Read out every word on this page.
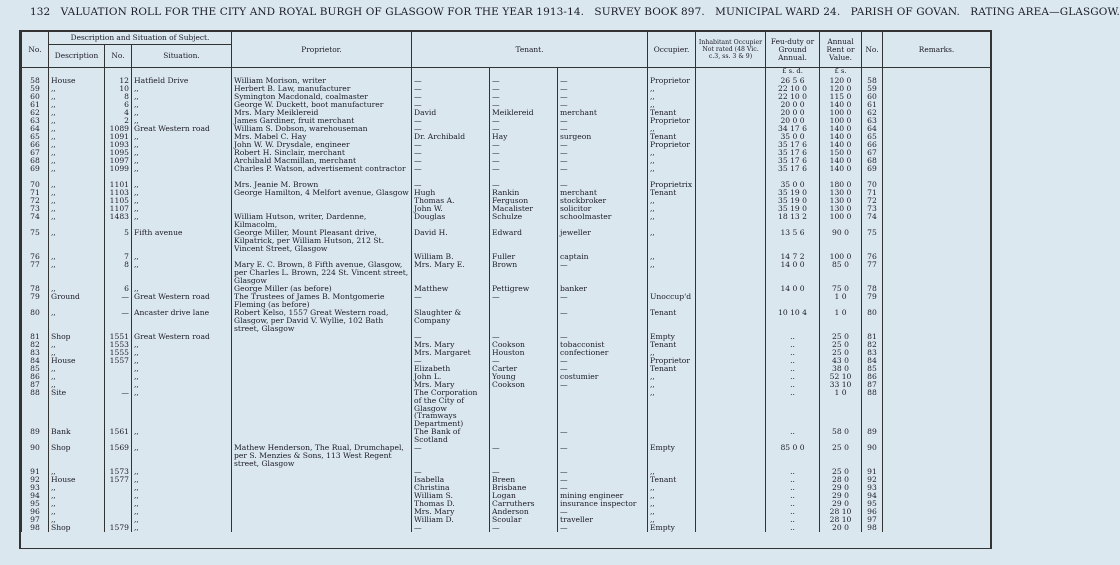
132 VALUATION ROLL FOR THE CITY AND ROYAL BURGH OF GLASGOW FOR THE YEAR 1913-14. SURVEY BOOK 897. MUNICIPAL WARD 24. PARISH OF GOVAN. RATING AREA—GLASGOW.
No.	Description and Situation of Subject.			Proprietor.	Tenant.			Occupier.	Inhabitant Occupier Not rated (48 Vic. c.3, ss. 3 & 9)	Feu-duty or Ground Annual.	Annual Rent or Value.	No.	Remarks.
	Description	No.	Situation.										
										£ s. d.	£ s.		
58	House	12	Hatfield Drive	William Morison, writer	—	—	—	Proprietor		26 5 6	120 0	58	
59	,,	10	,,	Herbert B. Law, manufacturer	—	—	—	,,		22 10 0	120 0	59	
60	,,	8	,,	Symington Macdonald, coalmaster	—	—	—	,,		22 10 0	115 0	60	
61	,,	6	,,	George W. Duckett, boot manufacturer	—	—	—	,,		20 0 0	140 0	61	
62	,,	4	,,	Mrs. Mary Meiklereid	David	Meiklereid	merchant	Tenant		20 0 0	100 0	62	
63	,,	2	,,	James Gardiner, fruit merchant	—	—	—	Proprietor		20 0 0	100 0	63	
64	,,	1089	Great Western road	William S. Dobson, warehouseman	—	—	—	,,		34 17 6	140 0	64	
65	,,	1091	,,	Mrs. Mabel C. Hay	Dr. Archibald	Hay	surgeon	Tenant		35 0 0	140 0	65	
66	,,	1093	,,	John W. W. Drysdale, engineer	—	—	—	Proprietor		35 17 6	140 0	66	
67	,,	1095	,,	Robert H. Sinclair, merchant	—	—	—	,,		35 17 6	150 0	67	
68	,,	1097	,,	Archibald Macmillan, merchant	—	—	—	,,		35 17 6	140 0	68	
69	,,	1099	,,	Charles P. Watson, advertisement contractor	—	—	—	,,		35 17 6	140 0	69	
70	,,	1101	,,	Mrs. Jeanie M. Brown	—	—	—	Proprietrix		35 0 0	180 0	70	
71	,,	1103	,,	George Hamilton, 4 Melfort avenue, Glasgow	Hugh	Rankin	merchant	Tenant		35 19 0	130 0	71	
72	,,	1105	,,		Thomas A.	Ferguson	stockbroker	,,		35 19 0	130 0	72	
73	,,	1107	,,		John W.	Macalister	solicitor	,,		35 19 0	130 0	73	
74	,,	1483	,,	William Hutson, writer, Dardenne, Kilmacolm,	Douglas	Schulze	schoolmaster	,,		18 13 2	100 0	74	
75	,,	5	Fifth avenue	George Miller, Mount Pleasant drive, Kilpatrick, per William Hutson, 212 St. Vincent Street, Glasgow	David H.	Edward	jeweller	,,		13 5 6	90 0	75	
76	,,	7	,,		William B.	Fuller	captain	,,		14 7 2	100 0	76	
77	,,	8	,,	Mary E. C. Brown, 8 Fifth avenue, Glasgow, per Charles L. Brown, 224 St. Vincent street, Glasgow	Mrs. Mary E.	Brown	—	,,		14 0 0	85 0	77	
78	,,	6	,,	George Miller (as before)	Matthew	Pettigrew	banker			14 0 0	75 0	78	
79	Ground	—	Great Western road	The Trustees of James B. Montgomerie Fleming (as before)	—	—	—	Unoccup'd			1 0	79	
80	,,	—	Ancaster drive lane	Robert Kelso, 1557 Great Western road, Glasgow, per David V. Wyllie, 102 Bath street, Glasgow	Slaughter & Company		—	Tenant		10 10 4	1 0	80	
81	Shop	1551	Great Western road		—	—	—	Empty		..	25 0	81	
82	,,	1553	,,		Mrs. Mary	Cookson	tobacconist	Tenant		..	25 0	82	
83	,,	1555	,,		Mrs. Margaret	Houston	confectioner	,,		..	25 0	83	
84	House	1557	,,		—	—	—	Proprietor		..	43 0	84	
85	,,		,,		Elizabeth	Carter	—	Tenant		..	38 0	85	
86	,,		,,		John L.	Young	costumier	,,		..	52 10	86	
87	,,		,,		Mrs. Mary	Cookson	—	,,		..	33 10	87	
88	Site	—	,,		The Corporation of the City of Glasgow (Tramways Department)			,,		..	1 0	88	
89	Bank	1561	,,		The Bank of Scotland		—			..	58 0	89	
90	Shop	1569	,,	Mathew Henderson, The Rual, Drumchapel, per S. Menzies & Sons, 113 West Regent street, Glasgow	—	—	—	Empty		85 0 0	25 0	90	
91	,,	1573	,,		—	—	—	,,		..	25 0	91	
92	House	1577	,,		Isabella	Breen	—	Tenant		..	28 0	92	
93	,,		,,		Christina	Brisbane	—	,,		..	29 0	93	
94	,,		,,		William S.	Logan	mining engineer	,,		..	29 0	94	
95	,,		,,		Thomas D.	Carruthers	insurance inspector	,,		..	29 0	95	
96	,,		,,		Mrs. Mary	Anderson	—	,,		..	28 10	96	
97	,,		,,		William D.	Scoular	traveller	,,		..	28 10	97	
98	Shop	1579	,,		—	—	—	Empty		..	20 0	98	
